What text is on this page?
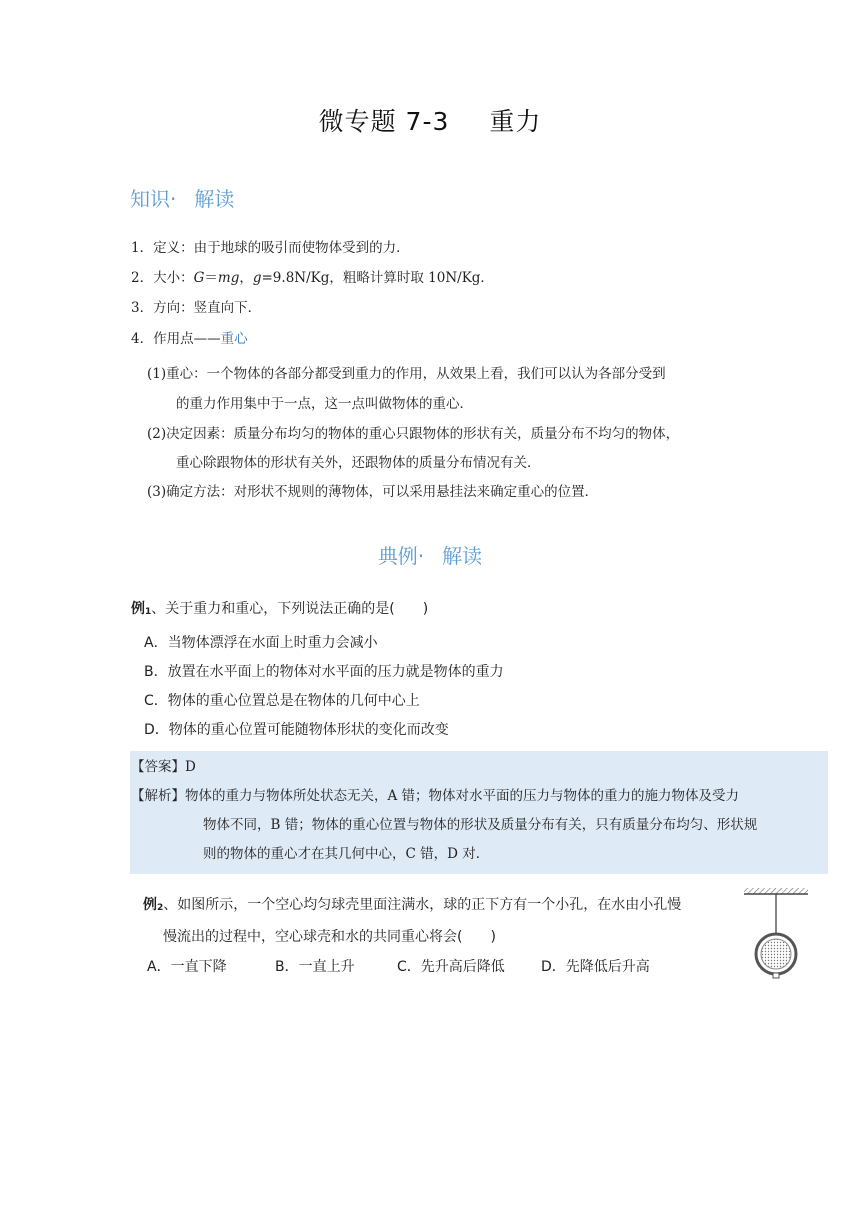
微专题 7-3 重力
知识· 解读
1．定义：由于地球的吸引而使物体受到的力．
2．大小：G＝mg，g=9.8N/Kg，粗略计算时取 10N/Kg．
3．方向：竖直向下．
4．作用点——重心
(1)重心：一个物体的各部分都受到重力的作用，从效果上看，我们可以认为各部分受到
的重力作用集中于一点，这一点叫做物体的重心．
(2)决定因素：质量分布均匀的物体的重心只跟物体的形状有关，质量分布不均匀的物体，
重心除跟物体的形状有关外，还跟物体的质量分布情况有关．
(3)确定方法：对形状不规则的薄物体，可以采用悬挂法来确定重心的位置．
典例· 解读
例1、关于重力和重心，下列说法正确的是(　　)
A．当物体漂浮在水面上时重力会减小
B．放置在水平面上的物体对水平面的压力就是物体的重力
C．物体的重心位置总是在物体的几何中心上
D．物体的重心位置可能随物体形状的变化而改变
【答案】D
【解析】物体的重力与物体所处状态无关，A 错；物体对水平面的压力与物体的重力的施力物体及受力
物体不同，B 错；物体的重心位置与物体的形状及质量分布有关，只有质量分布均匀、形状规
则的物体的重心才在其几何中心，C 错，D 对．
例2、如图所示，一个空心均匀球壳里面注满水，球的正下方有一个小孔，在水由小孔慢
慢流出的过程中，空心球壳和水的共同重心将会(　　)
A．一直下降	B．一直上升	C．先升高后降低	D．先降低后升高
